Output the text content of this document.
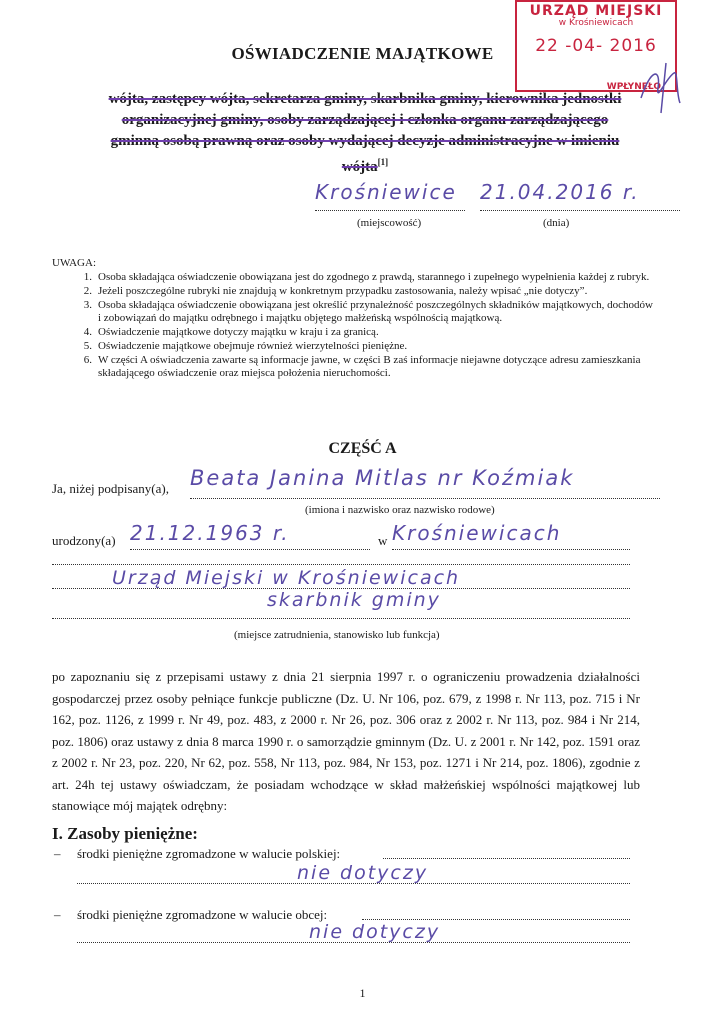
URZĄD MIEJSKI
w Krośniewicach
22 -04- 2016
WPŁYNĘŁO
OŚWIADCZENIE MAJĄTKOWE
wójta, zastępcy wójta, sekretarza gminy, skarbnika gminy, kierownika jednostki
organizacyjnej gminy, osoby zarządzającej i członka organu zarządzającego
gminną osobą prawną oraz osoby wydającej decyzje administracyjne w imieniu
wójta[1]
Krośniewice	21.04.2016 r.
(miejscowość)	(dnia)
UWAGA:
1. Osoba składająca oświadczenie obowiązana jest do zgodnego z prawdą, starannego i zupełnego wypełnienia każdej z rubryk.
2. Jeżeli poszczególne rubryki nie znajdują w konkretnym przypadku zastosowania, należy wpisać „nie dotyczy”.
3. Osoba składająca oświadczenie obowiązana jest określić przynależność poszczególnych składników majątkowych, dochodów i zobowiązań do majątku odrębnego i majątku objętego małżeńską wspólnością majątkową.
4. Oświadczenie majątkowe dotyczy majątku w kraju i za granicą.
5. Oświadczenie majątkowe obejmuje również wierzytelności pieniężne.
6. W części A oświadczenia zawarte są informacje jawne, w części B zaś informacje niejawne dotyczące adresu zamieszkania składającego oświadczenie oraz miejsca położenia nieruchomości.
CZĘŚĆ A
Ja, niżej podpisany(a), Beata Janina Mitlas nr Koźmiak
(imiona i nazwisko oraz nazwisko rodowe)
urodzony(a) 21.12.1963 r.	w Krośniewicach
Urząd Miejski w Krośniewicach
skarbnik gminy
(miejsce zatrudnienia, stanowisko lub funkcja)
po zapoznaniu się z przepisami ustawy z dnia 21 sierpnia 1997 r. o ograniczeniu prowadzenia działalności gospodarczej przez osoby pełniące funkcje publiczne (Dz. U. Nr 106, poz. 679, z 1998 r. Nr 113, poz. 715 i Nr 162, poz. 1126, z 1999 r. Nr 49, poz. 483, z 2000 r. Nr 26, poz. 306 oraz z 2002 r. Nr 113, poz. 984 i Nr 214, poz. 1806) oraz ustawy z dnia 8 marca 1990 r. o samorządzie gminnym (Dz. U. z 2001 r. Nr 142, poz. 1591 oraz z 2002 r. Nr 23, poz. 220, Nr 62, poz. 558, Nr 113, poz. 984, Nr 153, poz. 1271 i Nr 214, poz. 1806), zgodnie z art. 24h tej ustawy oświadczam, że posiadam wchodzące w skład małżeńskiej wspólności majątkowej lub stanowiące mój majątek odrębny:
I. Zasoby pieniężne:
– środki pieniężne zgromadzone w walucie polskiej:
nie dotyczy
– środki pieniężne zgromadzone w walucie obcej:
nie dotyczy
1
